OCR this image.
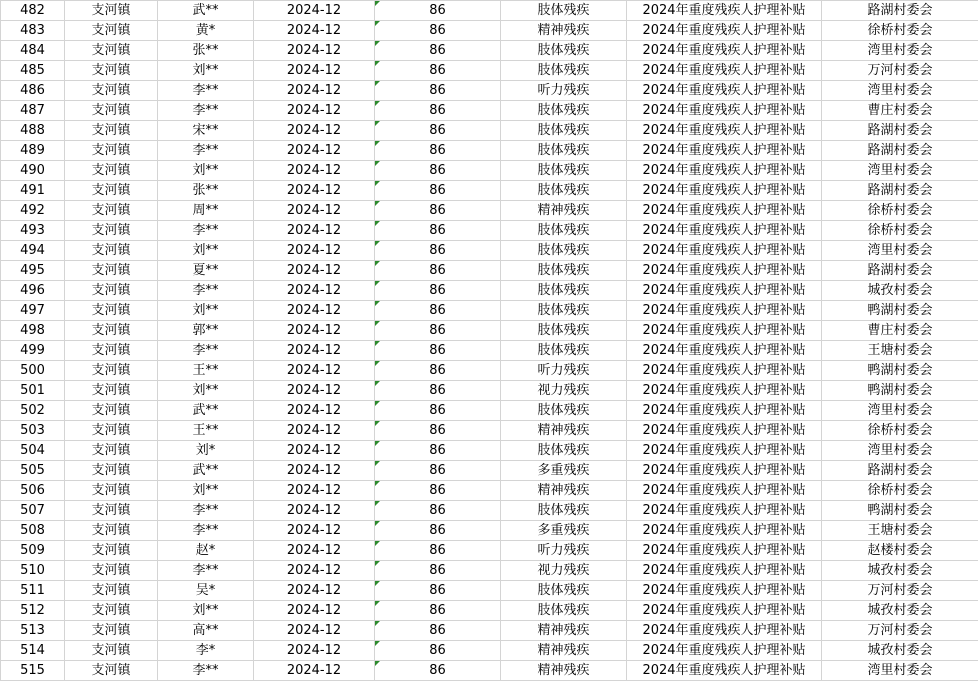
482	支河镇	武**	2024-12	86	肢体残疾	2024年重度残疾人护理补贴	路湖村委会
483	支河镇	黄*	2024-12	86	精神残疾	2024年重度残疾人护理补贴	徐桥村委会
484	支河镇	张**	2024-12	86	肢体残疾	2024年重度残疾人护理补贴	湾里村委会
485	支河镇	刘**	2024-12	86	肢体残疾	2024年重度残疾人护理补贴	万河村委会
486	支河镇	李**	2024-12	86	听力残疾	2024年重度残疾人护理补贴	湾里村委会
487	支河镇	李**	2024-12	86	肢体残疾	2024年重度残疾人护理补贴	曹庄村委会
488	支河镇	宋**	2024-12	86	肢体残疾	2024年重度残疾人护理补贴	路湖村委会
489	支河镇	李**	2024-12	86	肢体残疾	2024年重度残疾人护理补贴	路湖村委会
490	支河镇	刘**	2024-12	86	肢体残疾	2024年重度残疾人护理补贴	湾里村委会
491	支河镇	张**	2024-12	86	肢体残疾	2024年重度残疾人护理补贴	路湖村委会
492	支河镇	周**	2024-12	86	精神残疾	2024年重度残疾人护理补贴	徐桥村委会
493	支河镇	李**	2024-12	86	肢体残疾	2024年重度残疾人护理补贴	徐桥村委会
494	支河镇	刘**	2024-12	86	肢体残疾	2024年重度残疾人护理补贴	湾里村委会
495	支河镇	夏**	2024-12	86	肢体残疾	2024年重度残疾人护理补贴	路湖村委会
496	支河镇	李**	2024-12	86	肢体残疾	2024年重度残疾人护理补贴	城孜村委会
497	支河镇	刘**	2024-12	86	肢体残疾	2024年重度残疾人护理补贴	鸭湖村委会
498	支河镇	郭**	2024-12	86	肢体残疾	2024年重度残疾人护理补贴	曹庄村委会
499	支河镇	李**	2024-12	86	肢体残疾	2024年重度残疾人护理补贴	王塘村委会
500	支河镇	王**	2024-12	86	听力残疾	2024年重度残疾人护理补贴	鸭湖村委会
501	支河镇	刘**	2024-12	86	视力残疾	2024年重度残疾人护理补贴	鸭湖村委会
502	支河镇	武**	2024-12	86	肢体残疾	2024年重度残疾人护理补贴	湾里村委会
503	支河镇	王**	2024-12	86	精神残疾	2024年重度残疾人护理补贴	徐桥村委会
504	支河镇	刘*	2024-12	86	肢体残疾	2024年重度残疾人护理补贴	湾里村委会
505	支河镇	武**	2024-12	86	多重残疾	2024年重度残疾人护理补贴	路湖村委会
506	支河镇	刘**	2024-12	86	精神残疾	2024年重度残疾人护理补贴	徐桥村委会
507	支河镇	李**	2024-12	86	肢体残疾	2024年重度残疾人护理补贴	鸭湖村委会
508	支河镇	李**	2024-12	86	多重残疾	2024年重度残疾人护理补贴	王塘村委会
509	支河镇	赵*	2024-12	86	听力残疾	2024年重度残疾人护理补贴	赵楼村委会
510	支河镇	李**	2024-12	86	视力残疾	2024年重度残疾人护理补贴	城孜村委会
511	支河镇	吴*	2024-12	86	肢体残疾	2024年重度残疾人护理补贴	万河村委会
512	支河镇	刘**	2024-12	86	肢体残疾	2024年重度残疾人护理补贴	城孜村委会
513	支河镇	高**	2024-12	86	精神残疾	2024年重度残疾人护理补贴	万河村委会
514	支河镇	李*	2024-12	86	精神残疾	2024年重度残疾人护理补贴	城孜村委会
515	支河镇	李**	2024-12	86	精神残疾	2024年重度残疾人护理补贴	湾里村委会
